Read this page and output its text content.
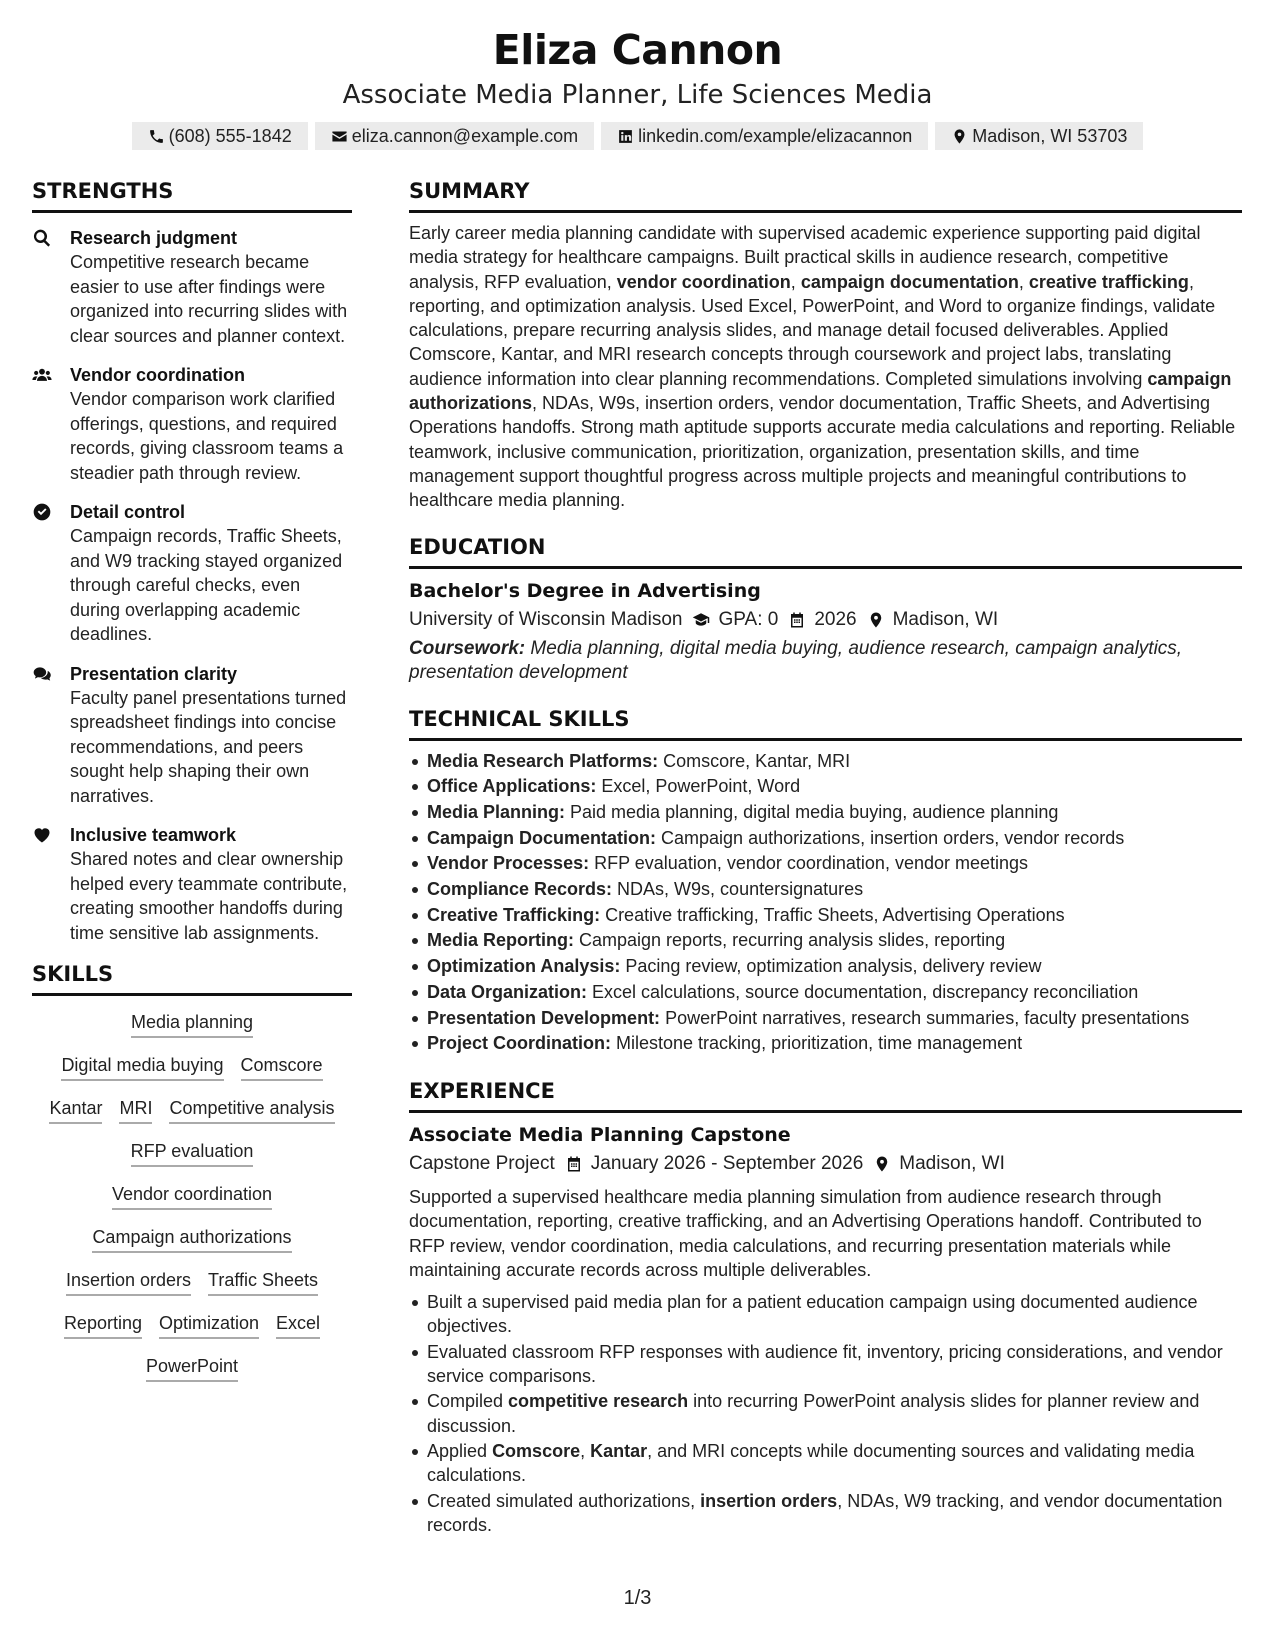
Eliza Cannon
Associate Media Planner, Life Sciences Media
(608) 555-1842	eliza.cannon@example.com	linkedin.com/example/elizacannon	Madison, WI 53703
STRENGTHS
Research judgment
Competitive research became easier to use after findings were organized into recurring slides with clear sources and planner context.
Vendor coordination
Vendor comparison work clarified offerings, questions, and required records, giving classroom teams a steadier path through review.
Detail control
Campaign records, Traffic Sheets, and W9 tracking stayed organized through careful checks, even during overlapping academic deadlines.
Presentation clarity
Faculty panel presentations turned spreadsheet findings into concise recommendations, and peers sought help shaping their own narratives.
Inclusive teamwork
Shared notes and clear ownership helped every teammate contribute, creating smoother handoffs during time sensitive lab assignments.
SKILLS
Media planning
Digital media buying Comscore
Kantar MRI Competitive analysis
RFP evaluation
Vendor coordination
Campaign authorizations
Insertion orders Traffic Sheets
Reporting Optimization Excel
PowerPoint
SUMMARY

Early career media planning candidate with supervised academic experience supporting paid digital media strategy for healthcare campaigns. Built practical skills in audience research, competitive analysis, RFP evaluation, vendor coordination, campaign documentation, creative trafficking, reporting, and optimization analysis. Used Excel, PowerPoint, and Word to organize findings, validate calculations, prepare recurring analysis slides, and manage detail focused deliverables. Applied Comscore, Kantar, and MRI research concepts through coursework and project labs, translating audience information into clear planning recommendations. Completed simulations involving campaign authorizations, NDAs, W9s, insertion orders, vendor documentation, Traffic Sheets, and Advertising Operations handoffs. Strong math aptitude supports accurate media calculations and reporting. Reliable teamwork, inclusive communication, prioritization, organization, presentation skills, and time management support thoughtful progress across multiple projects and meaningful contributions to healthcare media planning.

EDUCATION
Bachelor's Degree in Advertising
University of Wisconsin Madison GPA: 0 2026 Madison, WI
Coursework: Media planning, digital media buying, audience research, campaign analytics, presentation development
TECHNICAL SKILLS
Media Research Platforms: Comscore, Kantar, MRI
Office Applications: Excel, PowerPoint, Word
Media Planning: Paid media planning, digital media buying, audience planning
Campaign Documentation: Campaign authorizations, insertion orders, vendor records
Vendor Processes: RFP evaluation, vendor coordination, vendor meetings
Compliance Records: NDAs, W9s, countersignatures
Creative Trafficking: Creative trafficking, Traffic Sheets, Advertising Operations
Media Reporting: Campaign reports, recurring analysis slides, reporting
Optimization Analysis: Pacing review, optimization analysis, delivery review
Data Organization: Excel calculations, source documentation, discrepancy reconciliation
Presentation Development: PowerPoint narratives, research summaries, faculty presentations
Project Coordination: Milestone tracking, prioritization, time management
EXPERIENCE
Associate Media Planning Capstone
Capstone Project January 2026 - September 2026 Madison, WI

Supported a supervised healthcare media planning simulation from audience research through documentation, reporting, creative trafficking, and an Advertising Operations handoff. Contributed to RFP review, vendor coordination, media calculations, and recurring presentation materials while maintaining accurate records across multiple deliverables.

Built a supervised paid media plan for a patient education campaign using documented audience objectives.
Evaluated classroom RFP responses with audience fit, inventory, pricing considerations, and vendor service comparisons.
Compiled competitive research into recurring PowerPoint analysis slides for planner review and discussion.
Applied Comscore, Kantar, and MRI concepts while documenting sources and validating media calculations.
Created simulated authorizations, insertion orders, NDAs, W9 tracking, and vendor documentation records.
1/3
